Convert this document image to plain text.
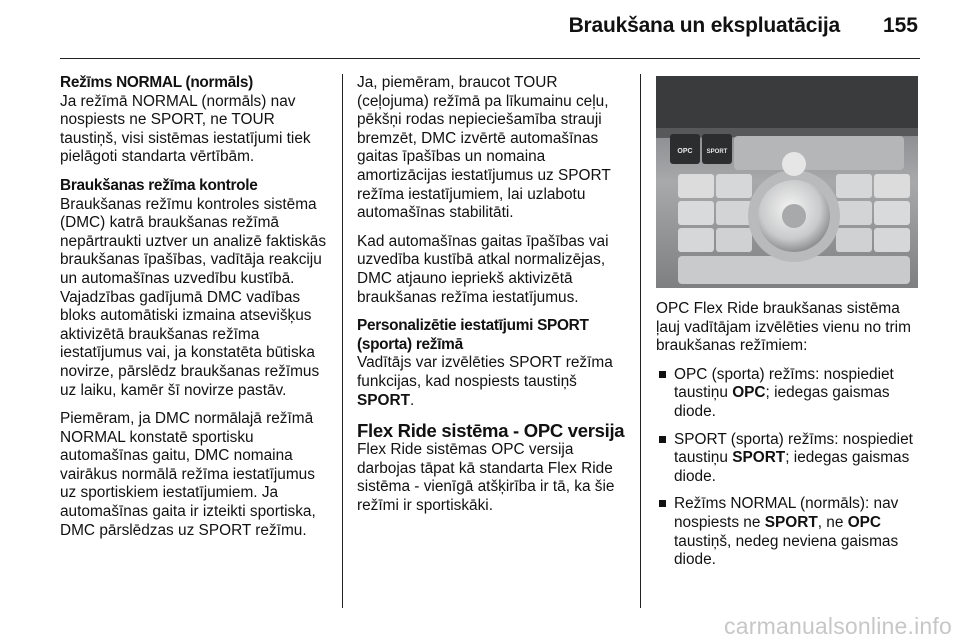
Braukšana un ekspluatācija 155

Režīms NORMAL (normāls)

Ja režīmā NORMAL (normāls) nav nospiests ne SPORT, ne TOUR taustiņš, visi sistēmas iestatījumi tiek pielāgoti standarta vērtībām.

Braukšanas režīma kontrole

Braukšanas režīmu kontroles sistēma (DMC) katrā braukšanas režīmā nepārtraukti uztver un analizē faktiskās braukšanas īpašības, vadītāja reakciju un automašīnas uzvedību kustībā. Vajadzības gadījumā DMC vadības bloks automātiski izmaina atsevišķus aktivizētā braukšanas režīma iestatījumus vai, ja konstatēta būtiska novirze, pārslēdz braukšanas režīmus uz laiku, kamēr šī novirze pastāv.

Piemēram, ja DMC normālajā režīmā NORMAL konstatē sportisku automašīnas gaitu, DMC nomaina vairākus normālā režīma iestatījumus uz sportiskiem iestatījumiem. Ja automašīnas gaita ir izteikti sportiska, DMC pārslēdzas uz SPORT režīmu.

Ja, piemēram, braucot TOUR (ceļojuma) režīmā pa līkumainu ceļu, pēkšņi rodas nepieciešamība strauji bremzēt, DMC izvērtē automašīnas gaitas īpašības un nomaina amortizācijas iestatījumus uz SPORT režīma iestatījumiem, lai uzlabotu automašīnas stabilitāti.

Kad automašīnas gaitas īpašības vai uzvedība kustībā atkal normalizējas, DMC atjauno iepriekš aktivizētā braukšanas režīma iestatījumus.

Personalizētie iestatījumi SPORT (sporta) režīmā

Vadītājs var izvēlēties SPORT režīma funkcijas, kad nospiests taustiņš SPORT.

Flex Ride sistēma - OPC versija

Flex Ride sistēmas OPC versija darbojas tāpat kā standarta Flex Ride sistēma - vienīgā atšķirība ir tā, ka šie režīmi ir sportiskāki.

OPC SPORT

OPC Flex Ride braukšanas sistēma ļauj vadītājam izvēlēties vienu no trim braukšanas režīmiem:

OPC (sporta) režīms: nospiediet taustiņu OPC; iedegas gaismas diode.
SPORT (sporta) režīms: nospiediet taustiņu SPORT; iedegas gaismas diode.
Režīms NORMAL (normāls): nav nospiests ne SPORT, ne OPC taustiņš, nedeg neviena gaismas diode.
carmanualsonline.info
